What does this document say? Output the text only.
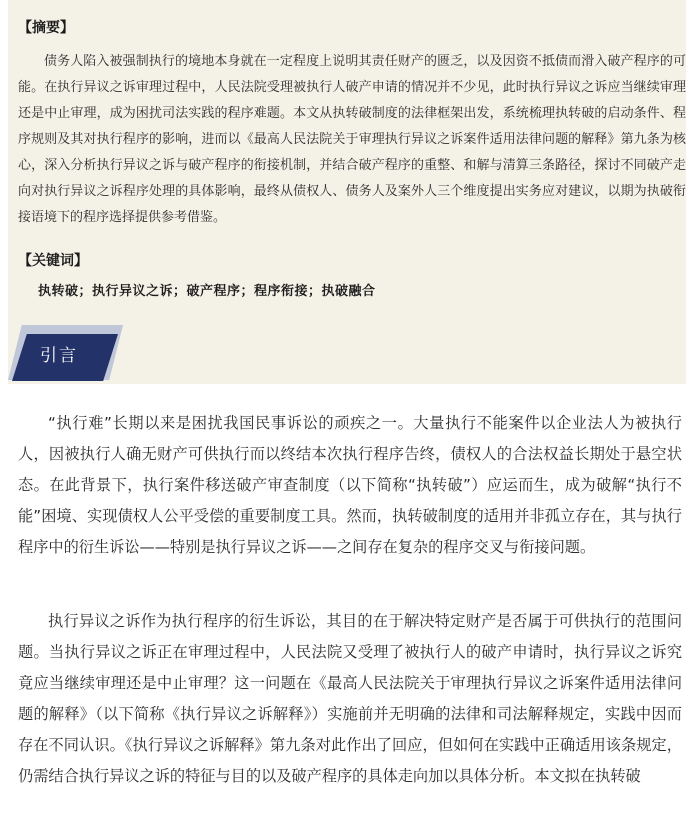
【摘要】

债务人陷入被强制执行的境地本身就在一定程度上说明其责任财产的匮乏，以及因资不抵债而滑入破产程序的可能。在执行异议之诉审理过程中，人民法院受理被执行人破产申请的情况并不少见，此时执行异议之诉应当继续审理还是中止审理，成为困扰司法实践的程序难题。本文从执转破制度的法律框架出发，系统梳理执转破的启动条件、程序规则及其对执行程序的影响，进而以《最高人民法院关于审理执行异议之诉案件适用法律问题的解释》第九条为核心，深入分析执行异议之诉与破产程序的衔接机制，并结合破产程序的重整、和解与清算三条路径，探讨不同破产走向对执行异议之诉程序处理的具体影响，最终从债权人、债务人及案外人三个维度提出实务应对建议，以期为执破衔接语境下的程序选择提供参考借鉴。

【关键词】
执转破；执行异议之诉；破产程序；程序衔接；执破融合
引言

“执行难”长期以来是困扰我国民事诉讼的顽疾之一。大量执行不能案件以企业法人为被执行人，因被执行人确无财产可供执行而以终结本次执行程序告终，债权人的合法权益长期处于悬空状态。在此背景下，执行案件移送破产审查制度（以下简称“执转破”）应运而生，成为破解“执行不能”困境、实现债权人公平受偿的重要制度工具。然而，执转破制度的适用并非孤立存在，其与执行程序中的衍生诉讼——特别是执行异议之诉——之间存在复杂的程序交叉与衔接问题。

执行异议之诉作为执行程序的衍生诉讼，其目的在于解决特定财产是否属于可供执行的范围问题。当执行异议之诉正在审理过程中，人民法院又受理了被执行人的破产申请时，执行异议之诉究竟应当继续审理还是中止审理？这一问题在《最高人民法院关于审理执行异议之诉案件适用法律问题的解释》（以下简称《执行异议之诉解释》）实施前并无明确的法律和司法解释规定，实践中因而存在不同认识。《执行异议之诉解释》第九条对此作出了回应，但如何在实践中正确适用该条规定，仍需结合执行异议之诉的特征与目的以及破产程序的具体走向加以具体分析。本文拟在执转破
